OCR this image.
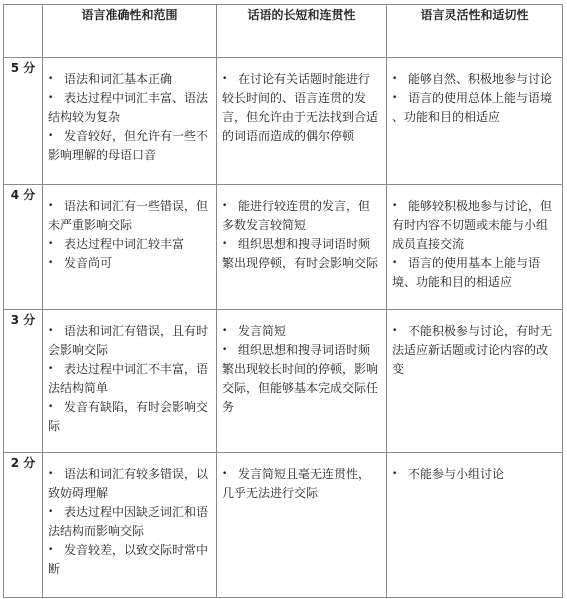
	语言准确性和范围	话语的长短和连贯性	语言灵活性和适切性
5 分	• 语法和词汇基本正确
• 表达过程中词汇丰富、语法结构较为复杂
• 发音较好，但允许有一些不影响理解的母语口音	• 在讨论有关话题时能进行较长时间的、语言连贯的发言，但允许由于无法找到合适的词语而造成的偶尔停顿	• 能够自然、积极地参与讨论
• 语言的使用总体上能与语境 、功能和目的相适应

4 分	• 语法和词汇有一些错误，但未严重影响交际
• 表达过程中词汇较丰富
• 发音尚可	• 能进行较连贯的发言，但多数发言较简短
• 组织思想和搜寻词语时频繁出现停顿，有时会影响交际	• 能够较积极地参与讨论，但有时内容不切题或未能与小组成员直接交流
• 语言的使用基本上能与语境、功能和目的相适应

3 分	• 语法和词汇有错误，且有时会影响交际
• 表达过程中词汇不丰富，语法结构简单
• 发音有缺陷，有时会影响交际	• 发言简短
• 组织思想和搜寻词语时频繁出现较长时间的停顿，影响交际，但能够基本完成交际任务	• 不能积极参与讨论，有时无法适应新话题或讨论内容的改变

2 分	• 语法和词汇有较多错误，以致妨碍理解
• 表达过程中因缺乏词汇和语法结构而影响交际
• 发音较差，以致交际时常中断	• 发言简短且毫无连贯性，几乎无法进行交际	• 不能参与小组讨论
